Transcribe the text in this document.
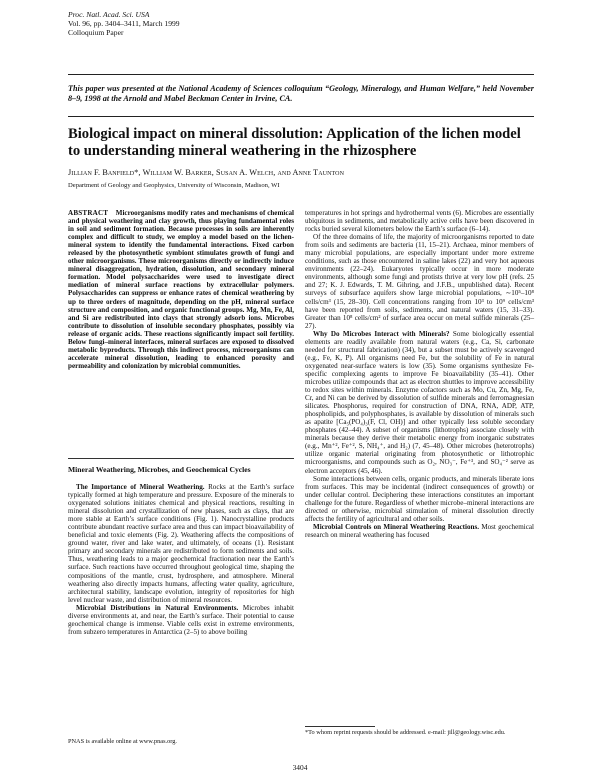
Proc. Natl. Acad. Sci. USA
Vol. 96, pp. 3404–3411, March 1999
Colloquium Paper
This paper was presented at the National Academy of Sciences colloquium “Geology, Mineralogy, and Human Welfare,” held November 8–9, 1998 at the Arnold and Mabel Beckman Center in Irvine, CA.
Biological impact on mineral dissolution: Application of the lichen model to understanding mineral weathering in the rhizosphere
Jillian F. Banfield*, William W. Barker, Susan A. Welch, and Anne Taunton
Department of Geology and Geophysics, University of Wisconsin, Madison, WI

ABSTRACT Microorganisms modify rates and mechanisms of chemical and physical weathering and clay growth, thus playing fundamental roles in soil and sediment formation. Because processes in soils are inherently complex and difficult to study, we employ a model based on the lichen-mineral system to identify the fundamental interactions. Fixed carbon released by the photosynthetic symbiont stimulates growth of fungi and other microorganisms. These microorganisms directly or indirectly induce mineral disaggregation, hydration, dissolution, and secondary mineral formation. Model polysaccharides were used to investigate direct mediation of mineral surface reactions by extracellular polymers. Polysaccharides can suppress or enhance rates of chemical weathering by up to three orders of magnitude, depending on the pH, mineral surface structure and composition, and organic functional groups. Mg, Mn, Fe, Al, and Si are redistributed into clays that strongly adsorb ions. Microbes contribute to dissolution of insoluble secondary phosphates, possibly via release of organic acids. These reactions significantly impact soil fertility. Below fungi–mineral interfaces, mineral surfaces are exposed to dissolved metabolic byproducts. Through this indirect process, microorganisms can accelerate mineral dissolution, leading to enhanced porosity and permeability and colonization by microbial communities.

Mineral Weathering, Microbes, and Geochemical Cycles

The Importance of Mineral Weathering. Rocks at the Earth’s surface typically formed at high temperature and pressure. Exposure of the minerals to oxygenated solutions initiates chemical and physical reactions, resulting in mineral dissolution and crystallization of new phases, such as clays, that are more stable at Earth’s surface conditions (Fig. 1). Nanocrystalline products contribute abundant reactive surface area and thus can impact bioavailability of beneficial and toxic elements (Fig. 2). Weathering affects the compositions of ground water, river and lake water, and ultimately, of oceans (1). Resistant primary and secondary minerals are redistributed to form sediments and soils. Thus, weathering leads to a major geochemical fractionation near the Earth’s surface. Such reactions have occurred throughout geological time, shaping the compositions of the mantle, crust, hydrosphere, and atmosphere. Mineral weathering also directly impacts humans, affecting water quality, agriculture, architectural stability, landscape evolution, integrity of repositories for high level nuclear waste, and distribution of mineral resources.

Microbial Distributions in Natural Environments. Microbes inhabit diverse environments at, and near, the Earth’s surface. Their potential to cause geochemical change is immense. Viable cells exist in extreme environments, from subzero temperatures in Antarctica (2–5) to above boiling

temperatures in hot springs and hydrothermal vents (6). Microbes are essentially ubiquitous in sediments, and metabolically active cells have been discovered in rocks buried several kilometers below the Earth’s surface (6–14).

Of the three domains of life, the majority of microorganisms reported to date from soils and sediments are bacteria (11, 15–21). Archaea, minor members of many microbial populations, are especially important under more extreme conditions, such as those encountered in saline lakes (22) and very hot aqueous environments (22–24). Eukaryotes typically occur in more moderate environments, although some fungi and protists thrive at very low pH (refs. 25 and 27; K. J. Edwards, T. M. Gihring, and J.F.B., unpublished data). Recent surveys of subsurface aquifers show large microbial populations, ∼10⁵–10⁸ cells/cm³ (15, 28–30). Cell concentrations ranging from 10³ to 10⁹ cells/cm³ have been reported from soils, sediments, and natural waters (15, 31–33). Greater than 10⁸ cells/cm² of surface area occur on metal sulfide minerals (25–27).

Why Do Microbes Interact with Minerals? Some biologically essential elements are readily available from natural waters (e.g., Ca, Si, carbonate needed for structural fabrication) (34), but a subset must be actively scavenged (e.g., Fe, K, P). All organisms need Fe, but the solubility of Fe in natural oxygenated near-surface waters is low (35). Some organisms synthesize Fe-specific complexing agents to improve Fe bioavailability (35–41). Other microbes utilize compounds that act as electron shuttles to improve accessibility to redox sites within minerals. Enzyme cofactors such as Mo, Cu, Zn, Mg, Fe, Cr, and Ni can be derived by dissolution of sulfide minerals and ferromagnesian silicates. Phosphorus, required for construction of DNA, RNA, ADP, ATP, phospholipids, and polyphosphates, is available by dissolution of minerals such as apatite [Ca₅(PO₄)₃(F, Cl, OH)] and other typically less soluble secondary phosphates (42–44). A subset of organisms (lithotrophs) associate closely with minerals because they derive their metabolic energy from inorganic substrates (e.g., Mn⁺², Fe⁺², S, NH₄⁺, and H₂) (7, 45–48). Other microbes (heterotrophs) utilize organic material originating from photosynthetic or lithotrophic microorganisms, and compounds such as O₂, NO₃⁻, Fe⁺³, and SO₄⁻² serve as electron acceptors (45, 46).

Some interactions between cells, organic products, and minerals liberate ions from surfaces. This may be incidental (indirect consequences of growth) or under cellular control. Deciphering these interactions constitutes an important challenge for the future. Regardless of whether microbe–mineral interactions are directed or otherwise, microbial stimulation of mineral dissolution directly affects the fertility of agricultural and other soils.

Microbial Controls on Mineral Weathering Reactions. Most geochemical research on mineral weathering has focused

*To whom reprint requests should be addressed. e-mail: jill@geology.wisc.edu.
PNAS is available online at www.pnas.org.
3404
